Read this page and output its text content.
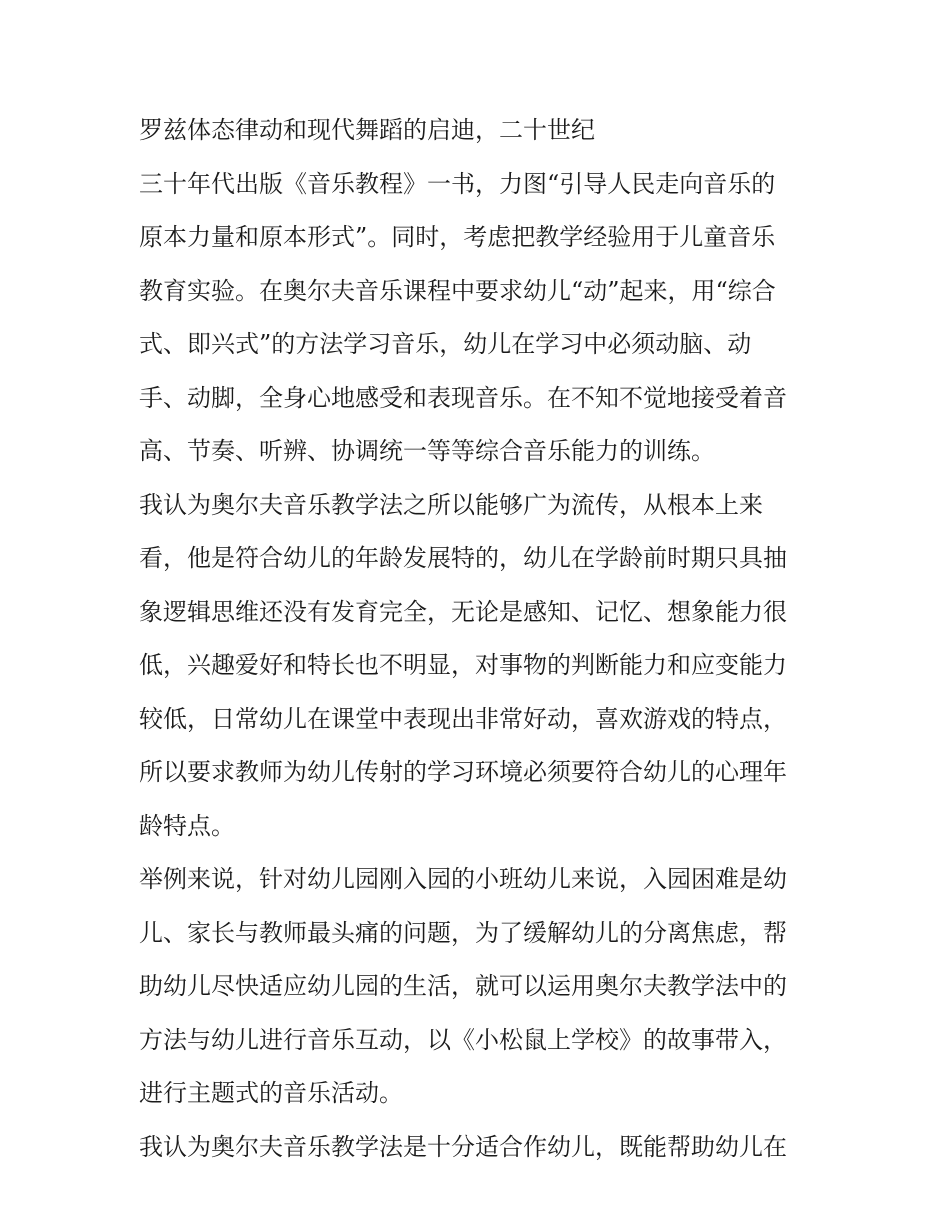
罗兹体态律动和现代舞蹈的启迪，二十世纪
三十年代出版《音乐教程》一书，力图“引导人民走向音乐的
原本力量和原本形式”。同时，考虑把教学经验用于儿童音乐
教育实验。在奥尔夫音乐课程中要求幼儿“动”起来，用“综合
式、即兴式”的方法学习音乐，幼儿在学习中必须动脑、动
手、动脚，全身心地感受和表现音乐。在不知不觉地接受着音
高、节奏、听辨、协调统一等等综合音乐能力的训练。
我认为奥尔夫音乐教学法之所以能够广为流传，从根本上来
看，他是符合幼儿的年龄发展特的，幼儿在学龄前时期只具抽
象逻辑思维还没有发育完全，无论是感知、记忆、想象能力很
低，兴趣爱好和特长也不明显，对事物的判断能力和应变能力
较低，日常幼儿在课堂中表现出非常好动，喜欢游戏的特点，
所以要求教师为幼儿传射的学习环境必须要符合幼儿的心理年
龄特点。
举例来说，针对幼儿园刚入园的小班幼儿来说，入园困难是幼
儿、家长与教师最头痛的问题，为了缓解幼儿的分离焦虑，帮
助幼儿尽快适应幼儿园的生活，就可以运用奥尔夫教学法中的
方法与幼儿进行音乐互动，以《小松鼠上学校》的故事带入，
进行主题式的音乐活动。
我认为奥尔夫音乐教学法是十分适合作幼儿，既能帮助幼儿在
